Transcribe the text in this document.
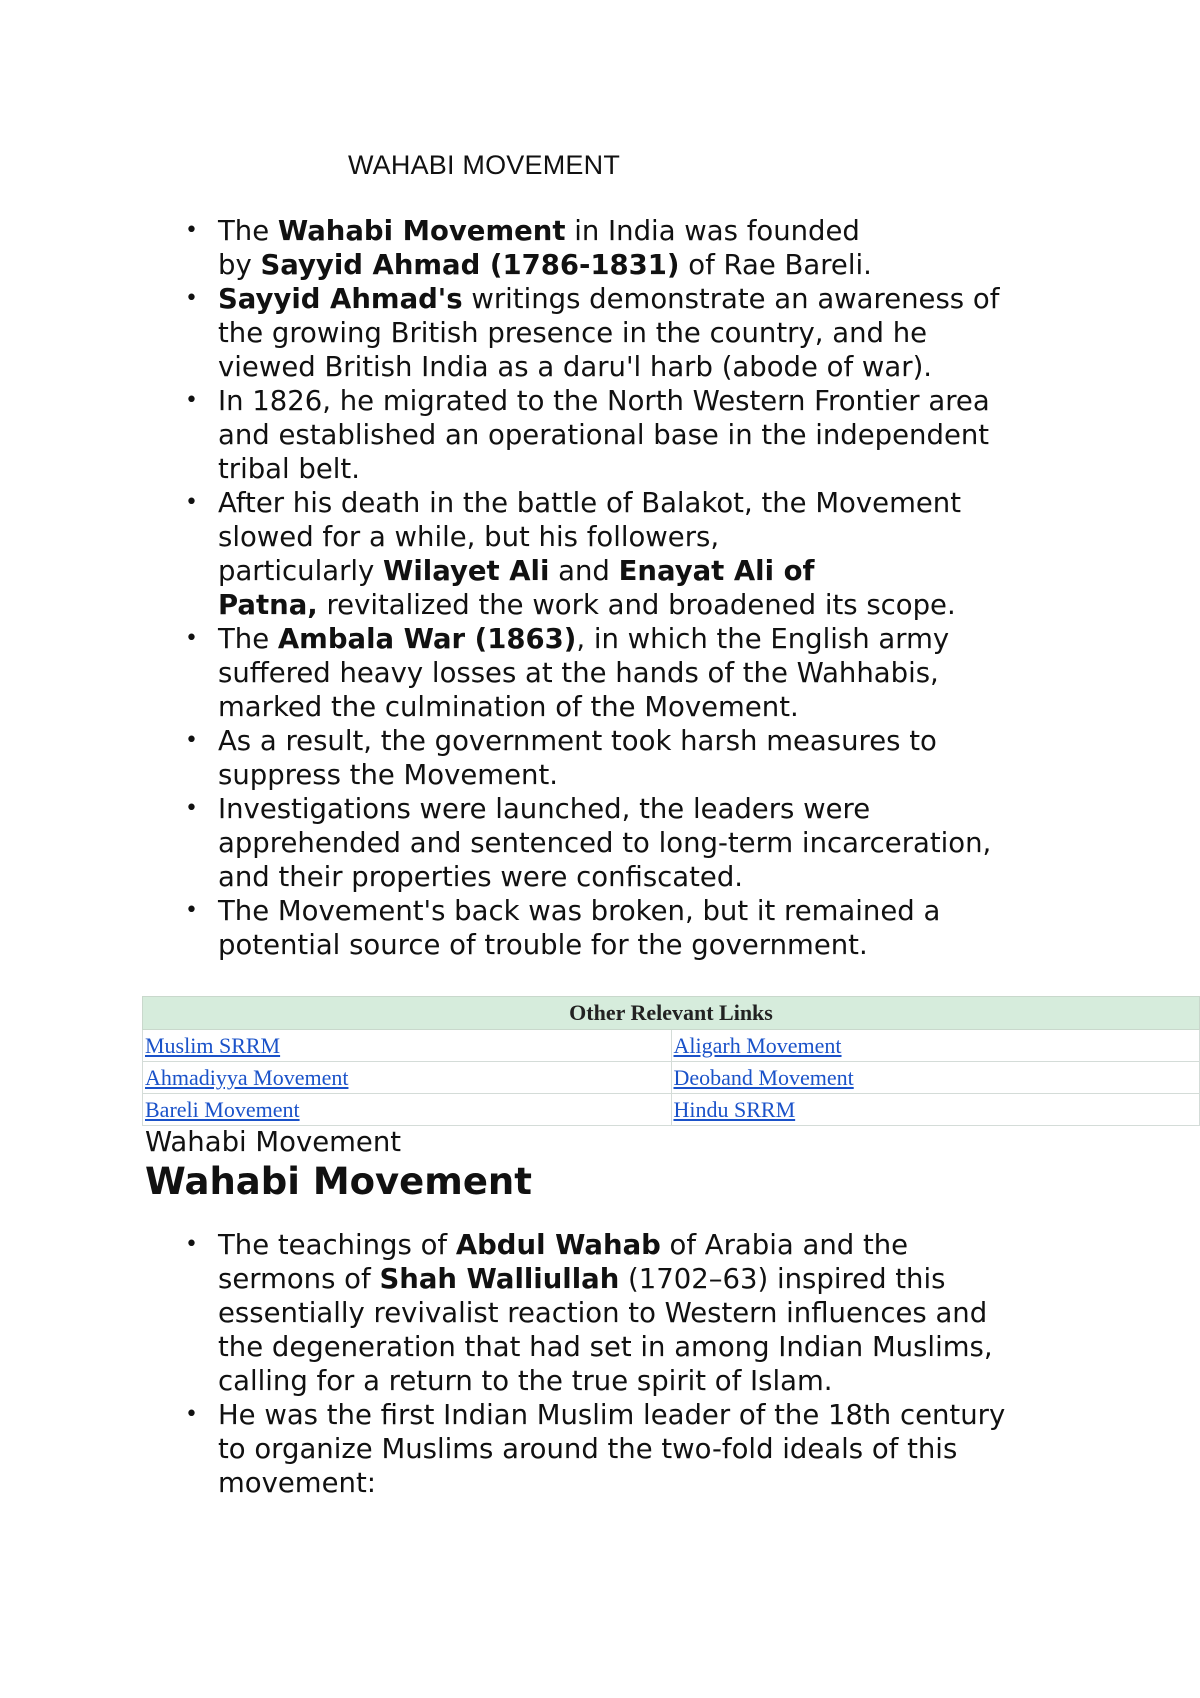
WAHABI MOVEMENT
• The Wahabi Movement in India was founded
by Sayyid Ahmad (1786-1831) of Rae Bareli.
• Sayyid Ahmad's writings demonstrate an awareness of
the growing British presence in the country, and he
viewed British India as a daru'l harb (abode of war).
• In 1826, he migrated to the North Western Frontier area
and established an operational base in the independent
tribal belt.
• After his death in the battle of Balakot, the Movement
slowed for a while, but his followers,
particularly Wilayet Ali and Enayat Ali of
Patna, revitalized the work and broadened its scope.
• The Ambala War (1863), in which the English army
suffered heavy losses at the hands of the Wahhabis,
marked the culmination of the Movement.
• As a result, the government took harsh measures to
suppress the Movement.
• Investigations were launched, the leaders were
apprehended and sentenced to long-term incarceration,
and their properties were confiscated.
• The Movement's back was broken, but it remained a
potential source of trouble for the government.
Other Relevant Links	
Muslim SRRM	Aligarh Movement
Ahmadiyya Movement	Deoband Movement
Bareli Movement	Hindu SRRM
Wahabi Movement
Wahabi Movement
• The teachings of Abdul Wahab of Arabia and the
sermons of Shah Walliullah (1702–63) inspired this
essentially revivalist reaction to Western influences and
the degeneration that had set in among Indian Muslims,
calling for a return to the true spirit of Islam.
• He was the first Indian Muslim leader of the 18th century
to organize Muslims around the two-fold ideals of this
movement:
